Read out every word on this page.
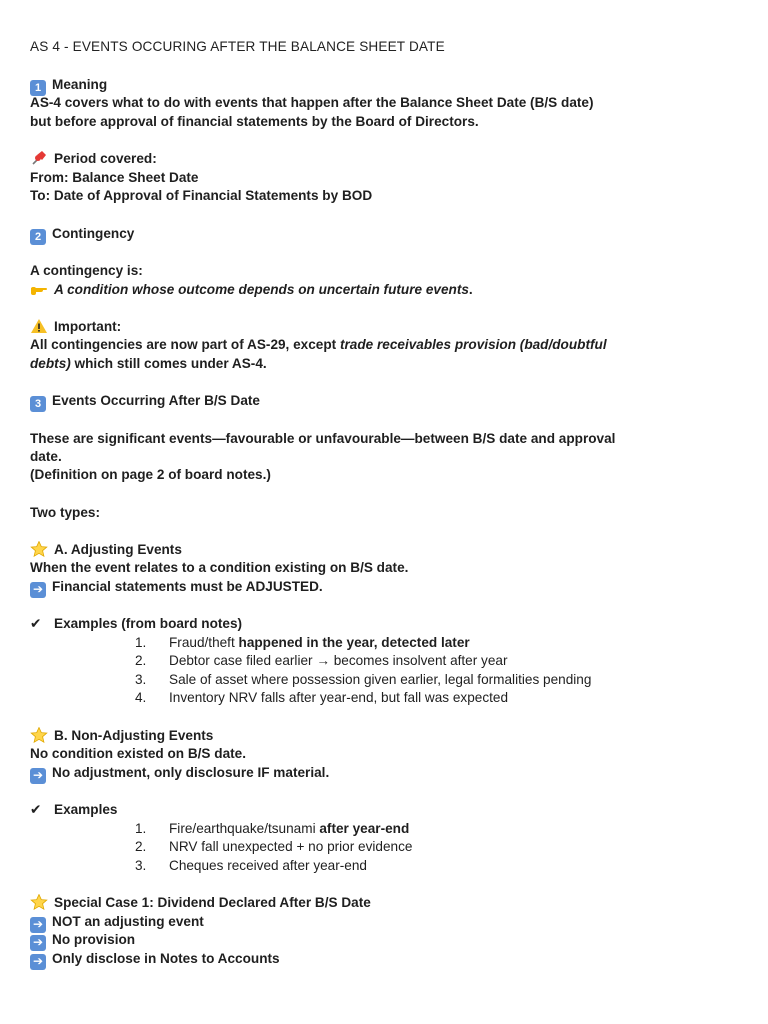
AS 4 - EVENTS OCCURING AFTER THE BALANCE SHEET DATE
1 Meaning
AS-4 covers what to do with events that happen after the Balance Sheet Date (B/S date)
but before approval of financial statements by the Board of Directors.
Period covered:
From: Balance Sheet Date
To: Date of Approval of Financial Statements by BOD
2 Contingency
A contingency is:
A condition whose outcome depends on uncertain future events.
Important:
All contingencies are now part of AS-29, except trade receivables provision (bad/doubtful
debts) which still comes under AS-4.
3 Events Occurring After B/S Date
These are significant events—favourable or unfavourable—between B/S date and approval
date.
(Definition on page 2 of board notes.)
Two types:
A. Adjusting Events
When the event relates to a condition existing on B/S date.
➔ Financial statements must be ADJUSTED.
✔ Examples (from board notes)
1. Fraud/theft happened in the year, detected later
2. Debtor case filed earlier → becomes insolvent after year
3. Sale of asset where possession given earlier, legal formalities pending
4. Inventory NRV falls after year-end, but fall was expected
B. Non-Adjusting Events
No condition existed on B/S date.
➔ No adjustment, only disclosure IF material.
✔ Examples
1. Fire/earthquake/tsunami after year-end
2. NRV fall unexpected + no prior evidence
3. Cheques received after year-end
Special Case 1: Dividend Declared After B/S Date
➔ NOT an adjusting event
➔ No provision
➔ Only disclose in Notes to Accounts
